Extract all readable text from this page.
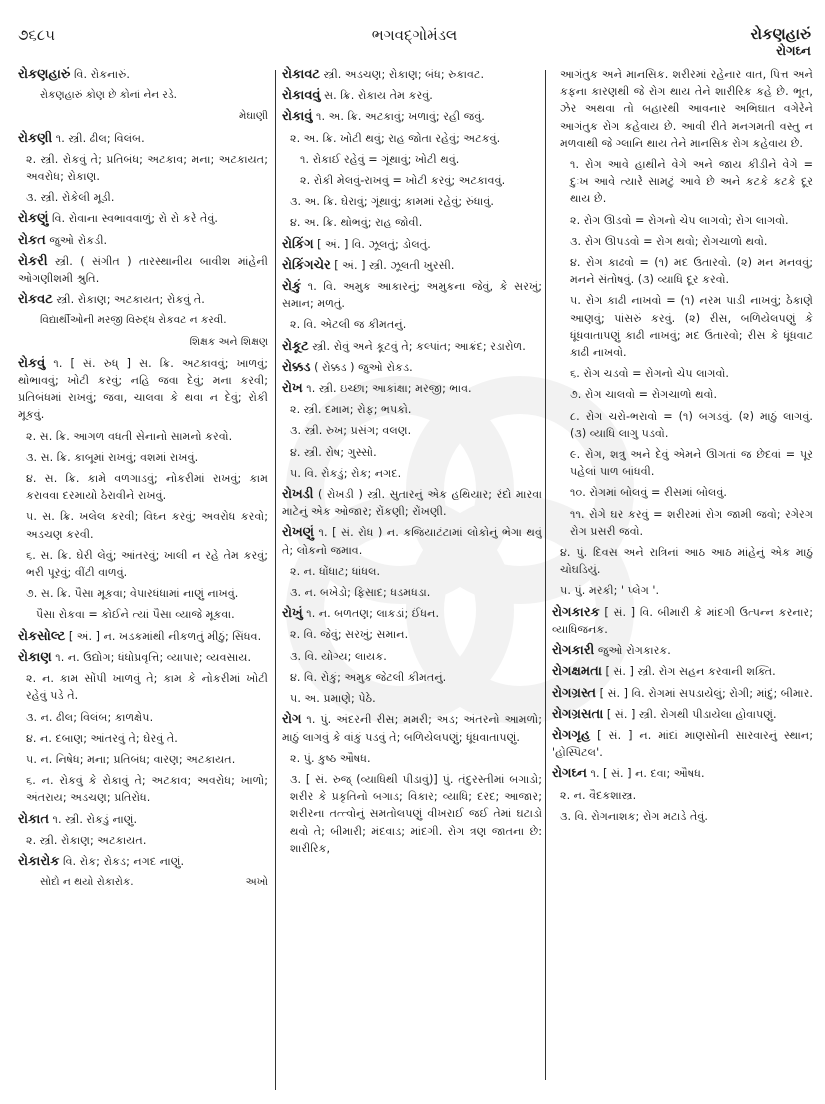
૭૬૮૫	ભગવદ્ગોમંડલ	રોકણહારું
રોગઘ્ન
રોકણહારું વિ. રોકનારું.
રોકણહારું કોણ છે કોનાં નેન રડે.
મેઘાણી
રોકણી ૧. સ્ત્રી. ઢીલ; વિલંબ.
૨. સ્ત્રી. રોકવું તે; પ્રતિબંધ; અટકાવ; મના; અટકાયત; અવરોધ; રોકાણ.
૩. સ્ત્રી. રોકેલી મૂડી.
રોકણું વિ. રોવાના સ્વભાવવાળું; રો રો કરે તેવું.
રોકત જુઓ રોકડી.
રોકરી સ્ત્રી. ( સંગીત ) તારસ્થાનીય બાવીશ માંહેની ઓગણીશમી શ્રુતિ.
રોકવટ સ્ત્રી. રોકાણ; અટકાયત; રોકવું તે.
વિદ્યાર્થીઓની મરજી વિરુદ્ધ રોકવટ ન કરવી.
શિક્ષક અને શિક્ષણ
રોકવું ૧. [ સં. રુધ્ ] સ. ક્રિ. અટકાવવું; ખાળવું; થોભાવવું; ખોટી કરવું; નહિ જવા દેવું; મના કરવી; પ્રતિબંધમાં રાખવું; જવા, ચાલવા કે થવા ન દેવું; રોકી મૂકવું.
૨. સ. ક્રિ. આગળ વધતી સેનાનો સામનો કરવો.
૩. સ. ક્રિ. કાબૂમાં રાખવું; વશમાં રાખવું.
૪. સ. ક્રિ. કામે વળગાડવું; નોકરીમાં રાખવું; કામ કરાવવા દરમાયો ઠેરાવીને રાખવું.
૫. સ. ક્રિ. ખલેલ કરવી; વિઘ્ન કરવું; અવરોધ કરવો; અડચણ કરવી.
૬. સ. ક્રિ. ઘેરી લેવું; આંતરવું; ખાલી ન રહે તેમ કરવું; ભરી પૂરવું; વીંટી વાળવું.
૭. સ. ક્રિ. પૈસા મૂકવા; વેપારધંધામાં નાણું નાખવું.
પૈસા રોકવા = કોઈને ત્યાં પૈસા વ્યાજે મૂકવા.
રોકસોલ્ટ [ અં. ] ન. ખડકમાંથી નીકળતું મીઠું; સિંધવ.
રોકાણ ૧. ન. ઉદ્યોગ; ધંધોપ્રવૃત્તિ; વ્યાપાર; વ્યવસાય.
૨. ન. કામ સોંપી ખાળવું તે; કામ કે નોકરીમાં ખોટી રહેવું પડે તે.
૩. ન. ઢીલ; વિલંબ; કાળક્ષેપ.
૪. ન. દબાણ; આંતરવું તે; ઘેરવું તે.
૫. ન. નિષેધ; મના; પ્રતિબંધ; વારણ; અટકાયત.
૬. ન. રોકવું કે રોકાવું તે; અટકાવ; અવરોધ; ખાળો; અંતરાય; અડચણ; પ્રતિરોધ.
રોકાત ૧. સ્ત્રી. રોકડું નાણું.
૨. સ્ત્રી. રોકાણ; અટકાયત.
રોકારોક વિ. રોક; રોકડ; નગદ નાણું.
સોદો ન થયો રોકારોક.	અખો
રોકાવટ સ્ત્રી. અડચણ; રોકાણ; બંધ; રુકાવટ.
રોકાવવું સ. ક્રિ. રોકાય તેમ કરવું.
રોકાવું ૧. અ. ક્રિ. અટકાવું; ખળાવું; રહી જવું.
૨. અ. ક્રિ. ખોટી થવું; રાહ જોતા રહેવું; અટકવું.
૧. રોકાઈ રહેવું = ગૂંથાવું; ખોટી થવું.
૨. રોકી મેલવું-રાખવું = ખોટી કરવું; અટકાવવું.
૩. અ. ક્રિ. ઘેરાવું; ગૂંથાવું; કામમાં રહેવું; રુંધાવું.
૪. અ. ક્રિ. થોભવું; રાહ જોવી.
રોકિંગ [ અં. ] વિ. ઝૂલતું; ડોલતું.
રોકિંગચેર [ અં. ] સ્ત્રી. ઝૂલતી ખુરસી.
રોકું ૧. વિ. અમુક આકારનું; અમુકના જેવું, કે સરખું; સમાન; મળતું.
૨. વિ. એટલી જ કીમતનું.
રોકૂટ સ્ત્રી. રોવું અને કૂટવું તે; કલ્પાંત; આક્રંદ; રડારોળ.
રોક્કડ ( રોક્કડ ) જુઓ રોકડ.
રોખ ૧. સ્ત્રી. ઇચ્છા; આકાંક્ષા; મરજી; ભાવ.
૨. સ્ત્રી. દમામ; રોફ; ભપકો.
૩. સ્ત્રી. રુખ; પ્રસંગ; વલણ.
૪. સ્ત્રી. રોષ; ગુસ્સો.
૫. વિ. રોકડું; રોક; નગદ.
રોખડી ( રોખડી ) સ્ત્રી. સુતારનું એક હથિયાર; રંદો મારવા માટેનું એક ઓજાર; રોંકણી; રોંખણી.
રોખણું ૧. [ સં. રોધ ) ન. કજિયાટંટામાં લોકોનું ભેગા થવું તે; લોકનો જમાવ.
૨. ન. ધોંધાટ; ધાંધલ.
૩. ન. બખેડો; ફિસાદ; ધડમધડા.
રોખું ૧. ન. બળતણ; લાકડાં; ઈંધન.
૨. વિ. જેવું; સરખું; સમાન.
૩. વિ. યોગ્ય; લાયક.
૪. વિ. રોકું; અમુક જેટલી કીમતનું.
૫. અ. પ્રમાણે; પેઠે.
રોગ ૧. પું. અંદરની રીસ; મમરી; અડ; અંતરનો આમળો; માઠું લાગવું કે વાંકું પડવું તે; બળિયેલપણું; ધૂંધવાતાપણું.
૨. પું. કુષ્ઠ ઔષધ.
૩. [ સં. રુજ્ (વ્યાધિથી પીડાવું)] પું. તંદુરસ્તીમાં બગાડો; શરીર કે પ્રકૃતિનો બગાડ; વિકાર; વ્યાધિ; દરદ; આજાર; શરીરના તત્ત્વોનું સમતોલપણું વીખરાઈ જઈ તેમાં ઘટાડો થવો તે; બીમારી; મંદવાડ; માંદગી. રોગ ત્રણ જાતના છે: શારીરિક,
આગંતુક અને માનસિક. શરીરમાં રહેનાર વાત, પિત્ત અને કફના કારણથી જે રોગ થાય તેને શારીરિક કહે છે. ભૂત, ઝેર અથવા તો બહારથી આવનાર અભિઘાત વગેરેને આગંતુક રોગ કહેવાય છે. આવી રીતે મનગમતી વસ્તુ ન મળવાથી જે ગ્લાનિ થાય તેને માનસિક રોગ કહેવાય છે.
૧. રોગ આવે હાથીને વેગે અને જાય કીડીને વેગે = દુઃખ આવે ત્યારે સામટું આવે છે અને કટકે કટકે દૂર થાય છે.
૨. રોગ ઊડવો = રોગનો ચેપ લાગવો; રોગ લાગવો.
૩. રોગ ઊપડવો = રોગ થવો; રોગચાળો થવો.
૪. રોગ કાઢવો = (૧) મદ ઉતારવો. (૨) મન મનવવું; મનને સંતોષવું. (૩) વ્યાધિ દૂર કરવો.
૫. રોગ કાઢી નાખવો = (૧) નરમ પાડી નાખવું; ઠેકાણે આણવું; પાંસરું કરવું. (૨) રીસ, બળિયેલપણું કે ધૂંધવાતાપણું કાઢી નાખવું; મદ ઉતારવો; રીસ કે ધૂંધવાટ કાઢી નાખવો.
૬. રોગ ચડવો = રોગનો ચેપ લાગવો.
૭. રોગ ચાલવો = રોગચાળો થવો.
૮. રોગ ચરો-ભરાવો = (૧) બગડવું. (૨) માઠું લાગવું. (૩) વ્યાધિ લાગુ પડવો.
૯. રોગ, શત્રુ અને દેવું એમને ઊગતાં જ છેદવાં = પૂર પહેલાં પાળ બાંધવી.
૧૦. રોગમાં બોલવું = રીસમાં બોલવું.
૧૧. રોગે ઘર કરવું = શરીરમાં રોગ જામી જવો; રગેરગ રોગ પ્રસરી જવો.
૪. પું. દિવસ અને રાત્રિનાં આઠ આઠ માંહેનું એક માઠું ચોઘડિયું.
૫. પું. મરકી; ' પ્લેગ '.
રોગકારક [ સં. ] વિ. બીમારી કે માંદગી ઉત્પન્ન કરનાર; વ્યાધિજનક.
રોગકારી જુઓ રોગકારક.
રોગક્ષમતા [ સં. ] સ્ત્રી. રોગ સહન કરવાની શક્તિ.
રોગગ્રસ્ત [ સં. ] વિ. રોગમાં સપડાયેલું; રોગી; માંદું; બીમાર.
રોગગ્રસતા [ સં. ] સ્ત્રી. રોગથી પીડાયેલા હોવાપણું.
રોગગૃહ [ સં. ] ન. માંદાં માણસોની સારવારનું સ્થાન; 'હોસ્પિટલ'.
રોગઘ્ન ૧. [ સં. ] ન. દવા; ઔષધ.
૨. ન. વૈદકશાસ્ત્ર.
૩. વિ. રોગનાશક; રોગ મટાડે તેવું.
